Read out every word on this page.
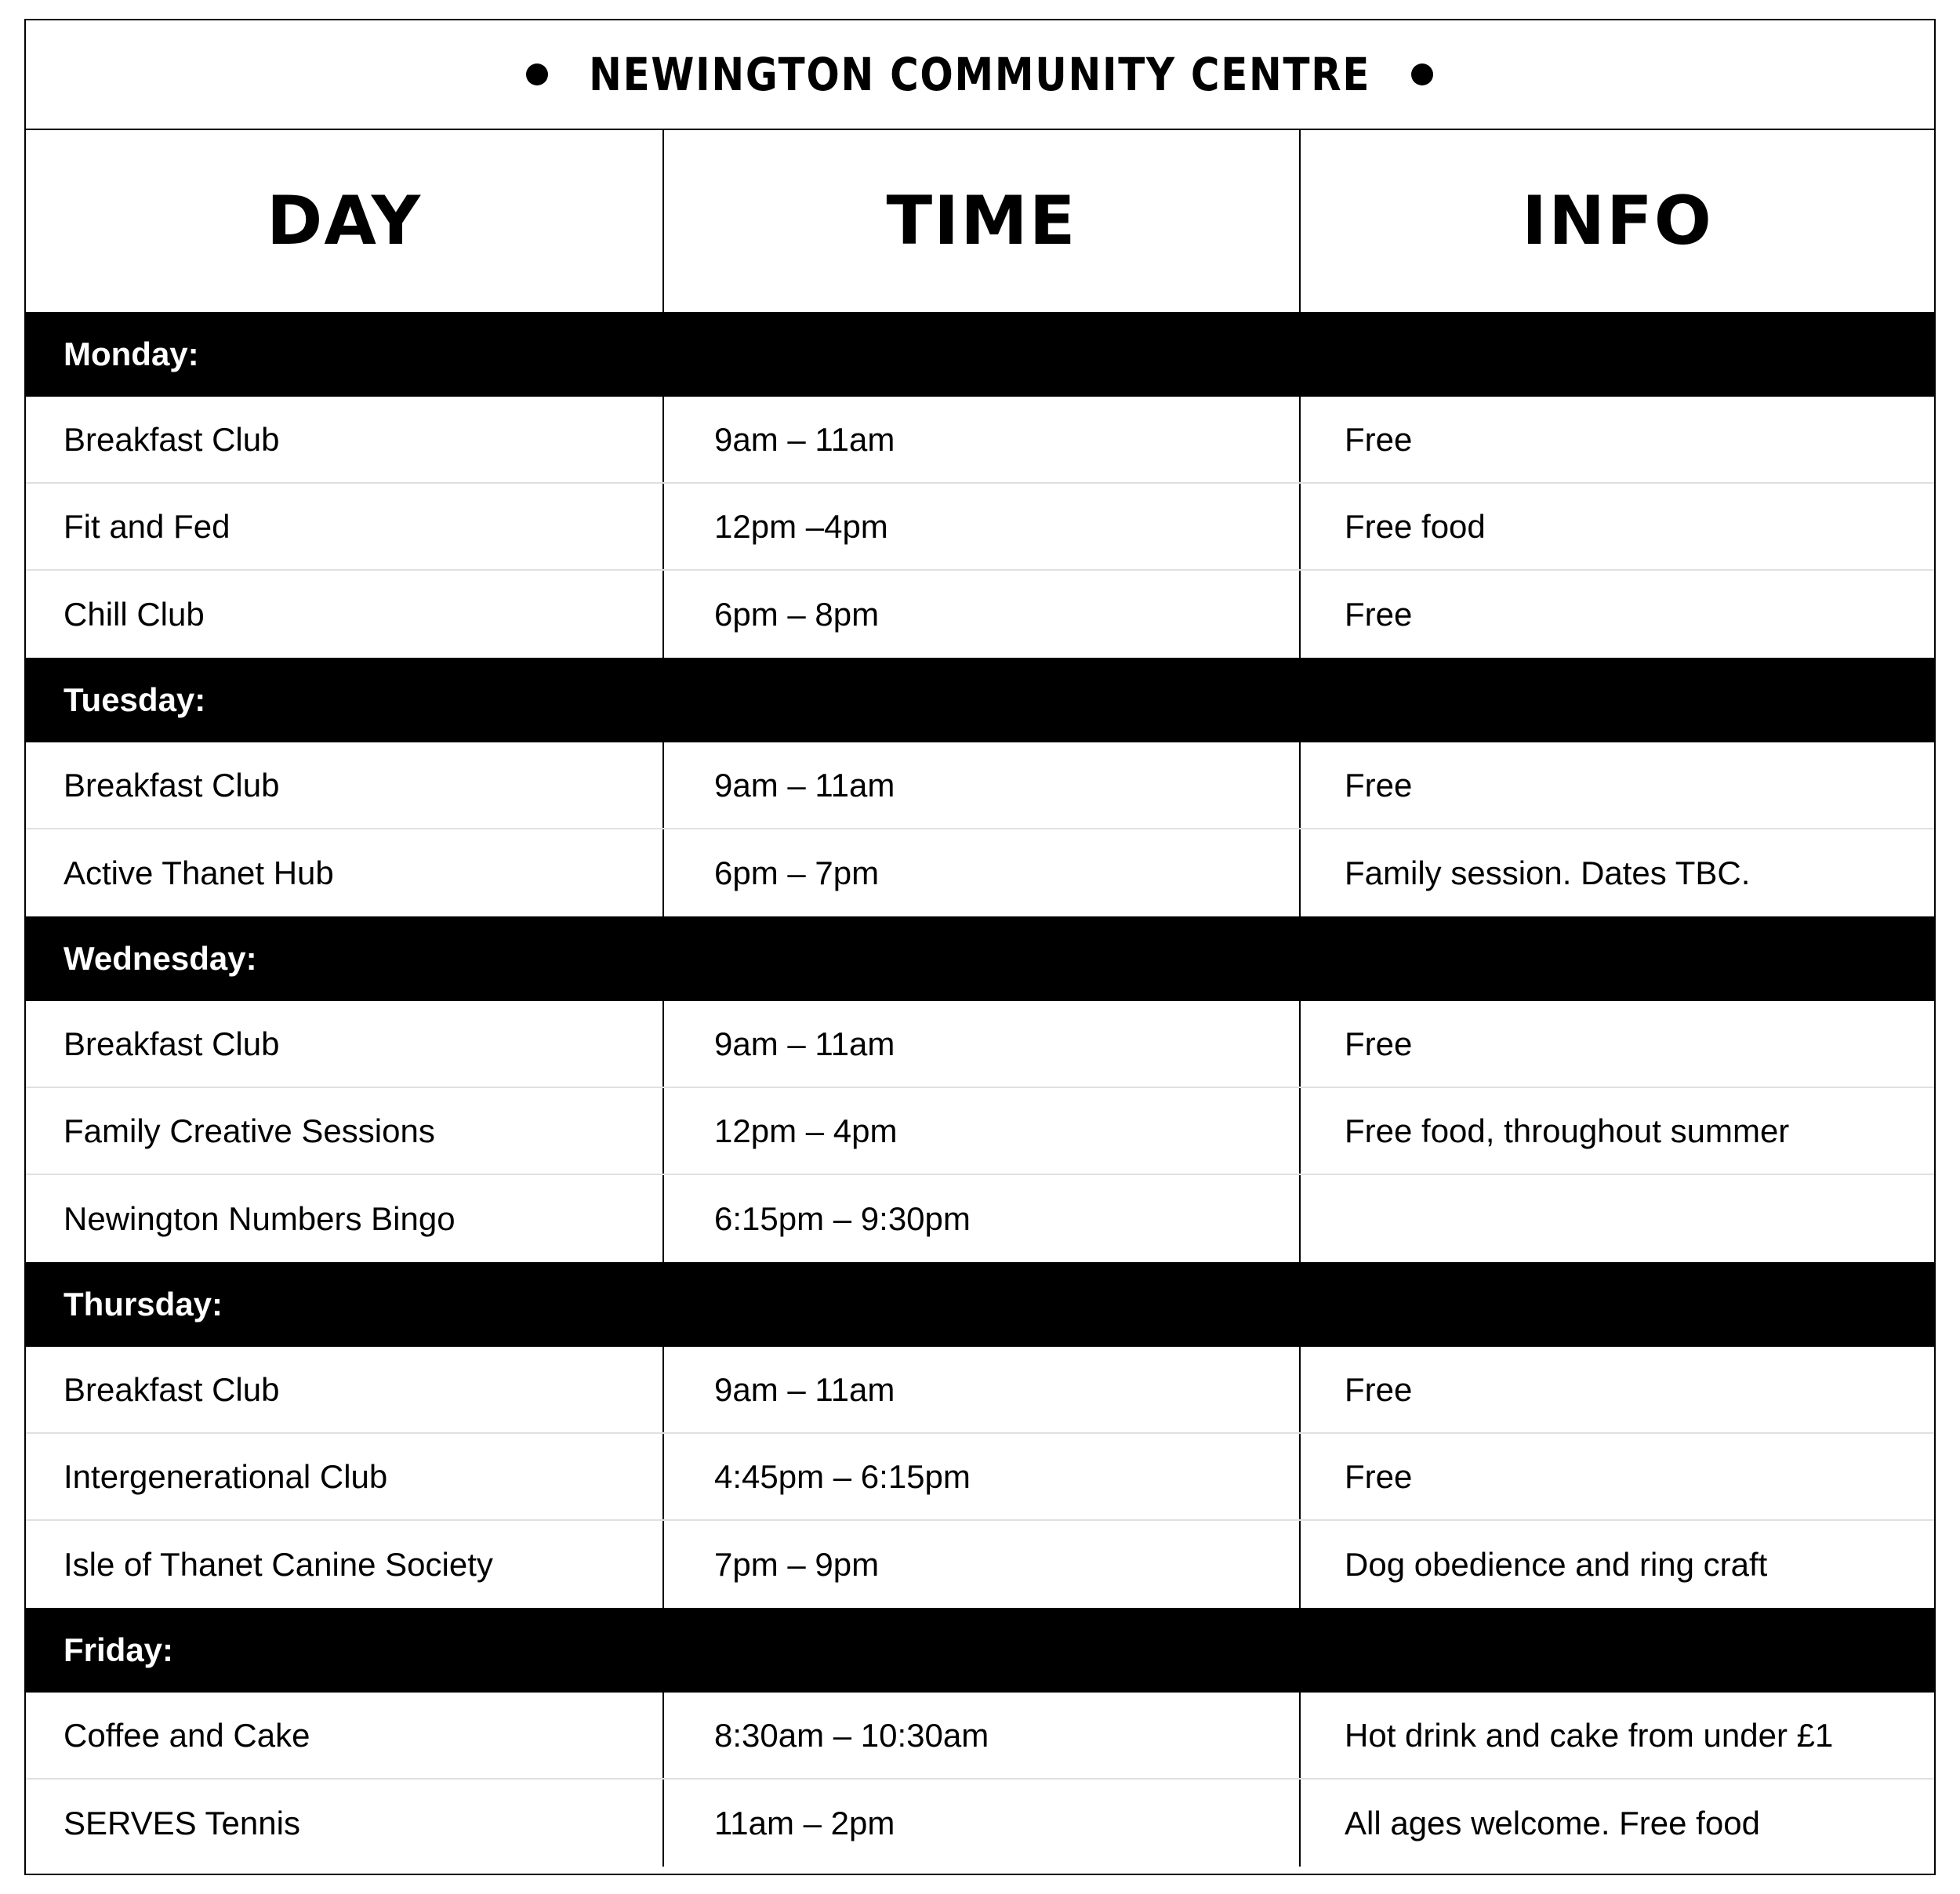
NEWINGTON COMMUNITY CENTRE
DAY	TIME	INFO
Monday:
Breakfast Club	9am – 11am	Free
Fit and Fed	12pm –4pm	Free food
Chill Club	6pm – 8pm	Free
Tuesday:
Breakfast Club	9am – 11am	Free
Active Thanet Hub	6pm – 7pm	Family session. Dates TBC.
Wednesday:
Breakfast Club	9am – 11am	Free
Family Creative Sessions	12pm – 4pm	Free food, throughout summer
Newington Numbers Bingo	6:15pm – 9:30pm
Thursday:
Breakfast Club	9am – 11am	Free
Intergenerational Club	4:45pm – 6:15pm	Free
Isle of Thanet Canine Society	7pm – 9pm	Dog obedience and ring craft
Friday:
Coffee and Cake	8:30am – 10:30am	Hot drink and cake from under £1
SERVES Tennis	11am – 2pm	All ages welcome. Free food
